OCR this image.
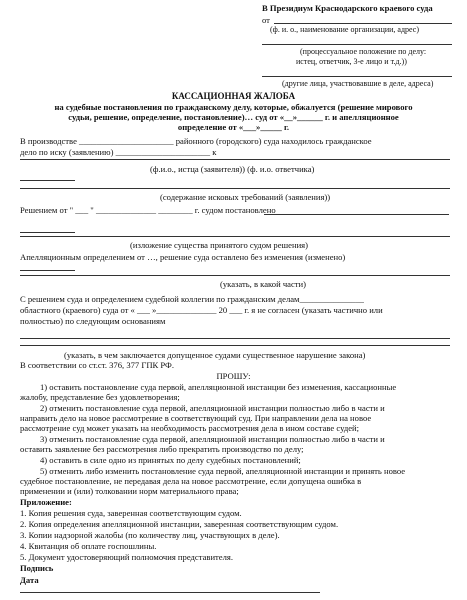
В Президиум Краснодарского краевого суда
от
(ф. и. о., наименование организации, адрес)
(процессуальное положение по делу:
истец, ответчик, 3-е лицо и т.д.))
(другие лица, участвовавшие в деле, адреса)
КАССАЦИОННАЯ ЖАЛОБА
на судебные постановления по гражданскому делу, которые, обжалуется (решение мирового
судьи, решение, определение, постановление)… суд от «__»______ г. и апелляционное
определение от «___»_____ г.
В производстве ______________________ районного (городского) суда находилось гражданское
дело по иску (заявлению) ______________________ к
(ф.и.о., истца (заявителя)) (ф. и.о. ответчика)
(содержание исковых требований (заявления))
Решением от " ___ " ______________ ________ г. судом постановлено
(изложение существа принятого судом решения)
Апелляционным определением от …, решение суда оставлено без изменения (изменено)
(указать, в какой части)
С решением суда и определением судебной коллегии по гражданским делам_______________
областного (краевого) суда от « ___ »______________ 20 ___ г. я не согласен (указать частично или
полностью) по следующим основаниям
(указать, в чем заключается допущенное судами существенное нарушение закона)
В соответствии со ст.ст. 376, 377 ГПК РФ.
ПРОШУ:
1) оставить постановление суда первой, апелляционной инстанции без изменения, кассационные
жалобу, представление без удовлетворения;
2) отменить постановление суда первой, апелляционной инстанции полностью либо в части и
направить дело на новое рассмотрение в соответствующий суд. При направлении дела на новое
рассмотрение суд может указать на необходимость рассмотрения дела в ином составе судей;
3) отменить постановление суда первой, апелляционной инстанции полностью либо в части и
оставить заявление без рассмотрения либо прекратить производство по делу;
4) оставить в силе одно из принятых по делу судебных постановлений;
5) отменить либо изменить постановление суда первой, апелляционной инстанции и принять новое
судебное постановление, не передавая дела на новое рассмотрение, если допущена ошибка в
применении и (или) толковании норм материального права;
Приложение:
1. Копия решения суда, заверенная соответствующим судом.
2. Копия определения апелляционной инстанции, заверенная соответствующим судом.
3. Копии надзорной жалобы (по количеству лиц, участвующих в деле).
4. Квитанция об оплате госпошлины.
5. Документ удостоверяющий полномочия представителя.
Подпись
Дата
